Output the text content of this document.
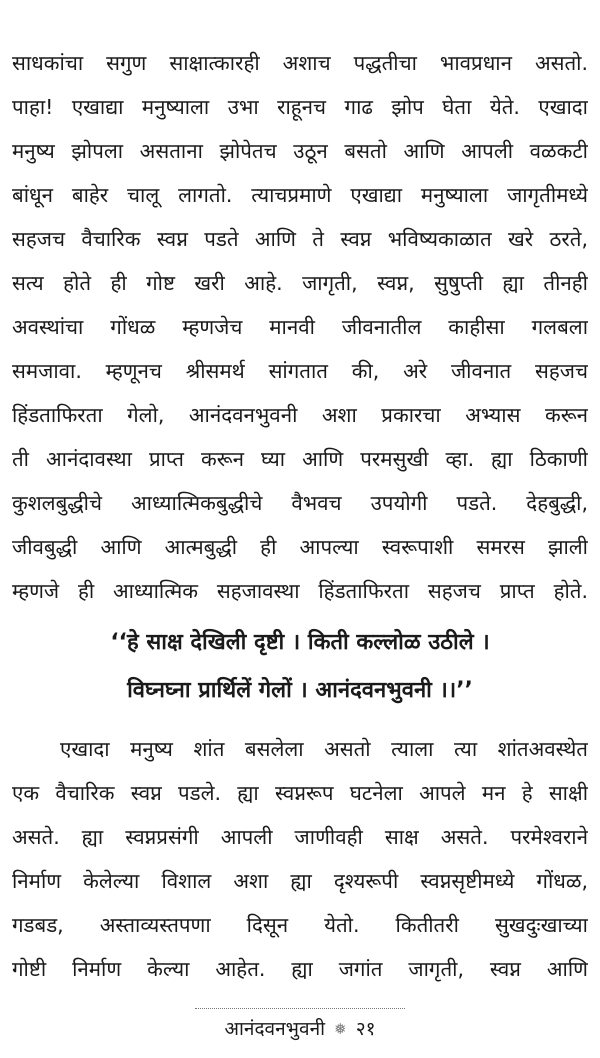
साधकांचा सगुण साक्षात्कारही अशाच पद्धतीचा भावप्रधान असतो.
पाहा! एखाद्या मनुष्याला उभा राहूनच गाढ झोप घेता येते. एखादा
मनुष्य झोपला असताना झोपेतच उठून बसतो आणि आपली वळकटी
बांधून बाहेर चालू लागतो. त्याचप्रमाणे एखाद्या मनुष्याला जागृतीमध्ये
सहजच वैचारिक स्वप्न पडते आणि ते स्वप्न भविष्यकाळात खरे ठरते,
सत्य होते ही गोष्ट खरी आहे. जागृती, स्वप्न, सुषुप्ती ह्या तीनही
अवस्थांचा गोंधळ म्हणजेच मानवी जीवनातील काहीसा गलबला
समजावा. म्हणूनच श्रीसमर्थ सांगतात की, अरे जीवनात सहजच
हिंडताफिरता गेलो, आनंदवनभुवनी अशा प्रकारचा अभ्यास करून
ती आनंदावस्था प्राप्त करून घ्या आणि परमसुखी व्हा. ह्या ठिकाणी
कुशलबुद्धीचे आध्यात्मिकबुद्धीचे वैभवच उपयोगी पडते. देहबुद्धी,
जीवबुद्धी आणि आत्मबुद्धी ही आपल्या स्वरूपाशी समरस झाली
म्हणजे ही आध्यात्मिक सहजावस्था हिंडताफिरता सहजच प्राप्त होते.
‘‘हे साक्ष देखिली दृष्टी । किती कल्लोळ उठीले ।
विघ्नघ्ना प्रार्थिलें गेलों । आनंदवनभुवनी ।।’’
एखादा मनुष्य शांत बसलेला असतो त्याला त्या शांतअवस्थेत
एक वैचारिक स्वप्न पडले. ह्या स्वप्नरूप घटनेला आपले मन हे साक्षी
असते. ह्या स्वप्नप्रसंगी आपली जाणीवही साक्ष असते. परमेश्वराने
निर्माण केलेल्या विशाल अशा ह्या दृश्यरूपी स्वप्नसृष्टीमध्ये गोंधळ,
गडबड, अस्ताव्यस्तपणा दिसून येतो. कितीतरी सुखदुःखाच्या
गोष्टी निर्माण केल्या आहेत. ह्या जगांत जागृती, स्वप्न आणि
आनंदवनभुवनी ❅ २१
